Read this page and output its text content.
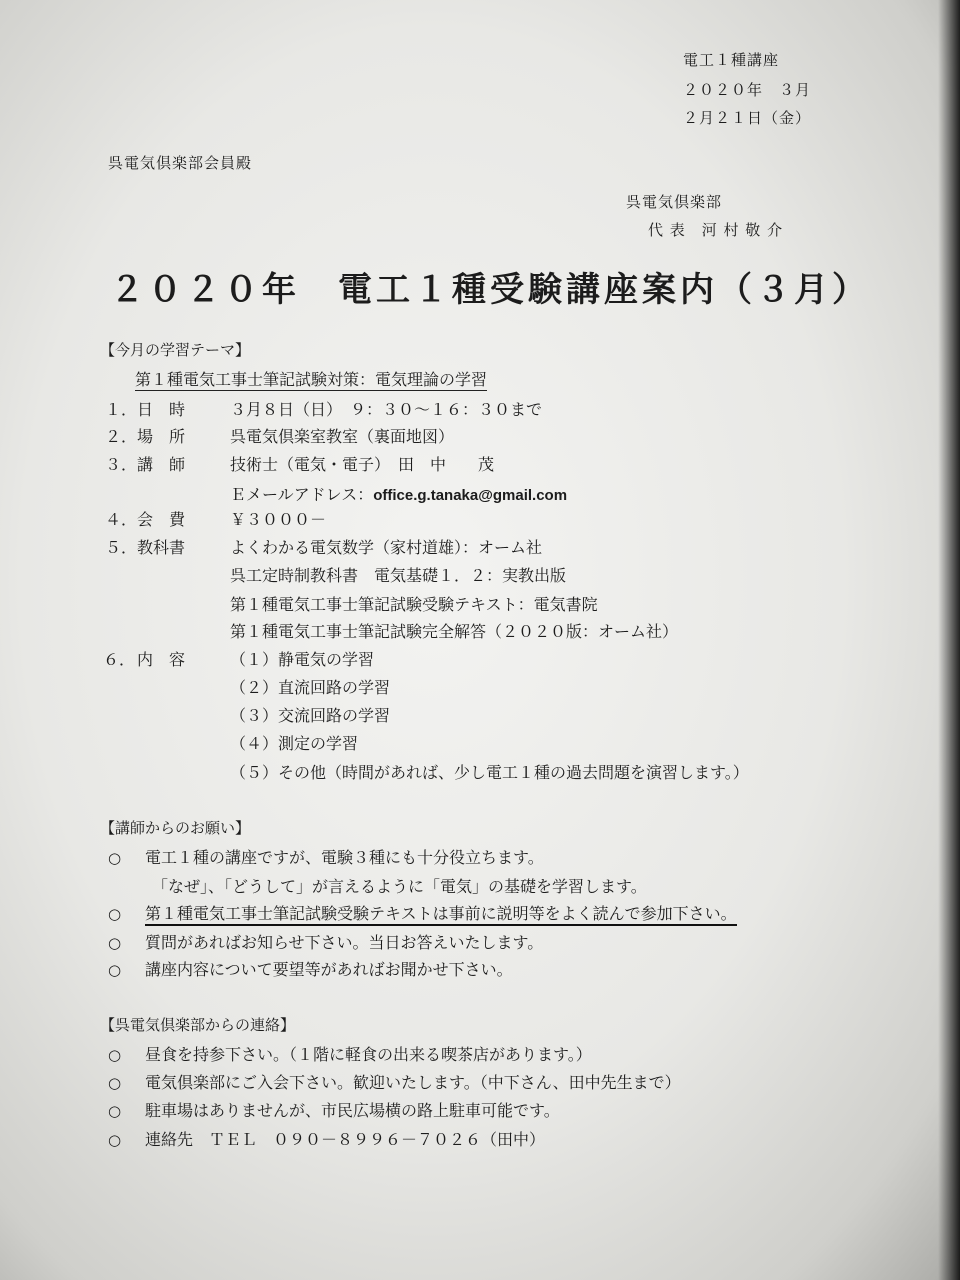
電工１種講座
２０２０年　３月
２月２１日（金）
呉電気倶楽部会員殿
呉電気倶楽部
代 表　河 村 敬 介
２０２０年　電工１種受験講座案内（３月）
【今月の学習テーマ】
第１種電気工事士筆記試験対策：電気理論の学習
１． 日　時	３月８日（日）　９：３０～１６：３０まで
２． 場　所	呉電気倶楽室教室（裏面地図）
３． 講　師	技術士（電気・電子）　田　中　　茂
Ｅメールアドレス：office.g.tanaka@gmail.com
４． 会　費	￥３０００－
５． 教科書	よくわかる電気数学（家村道雄）：オーム社
呉工定時制教科書　電気基礎１．２：実教出版
第１種電気工事士筆記試験受験テキスト：電気書院
第１種電気工事士筆記試験完全解答（２０２０版：オーム社）
６． 内　容	（１）静電気の学習
（２）直流回路の学習
（３）交流回路の学習
（４）測定の学習
（５）その他（時間があれば、少し電工１種の過去問題を演習します。）
【講師からのお願い】
○ 電工１種の講座ですが、電験３種にも十分役立ちます。
「なぜ」、「どうして」が言えるように「電気」の基礎を学習します。
○ 第１種電気工事士筆記試験受験テキストは事前に説明等をよく読んで参加下さい。
○ 質問があればお知らせ下さい。当日お答えいたします。
○ 講座内容について要望等があればお聞かせ下さい。
【呉電気倶楽部からの連絡】
○ 昼食を持参下さい。（１階に軽食の出来る喫茶店があります。）
○ 電気倶楽部にご入会下さい。歓迎いたします。（中下さん、田中先生まで）
○ 駐車場はありませんが、市民広場横の路上駐車可能です。
○ 連絡先　ＴＥＬ　０９０－８９９６－７０２６（田中）
